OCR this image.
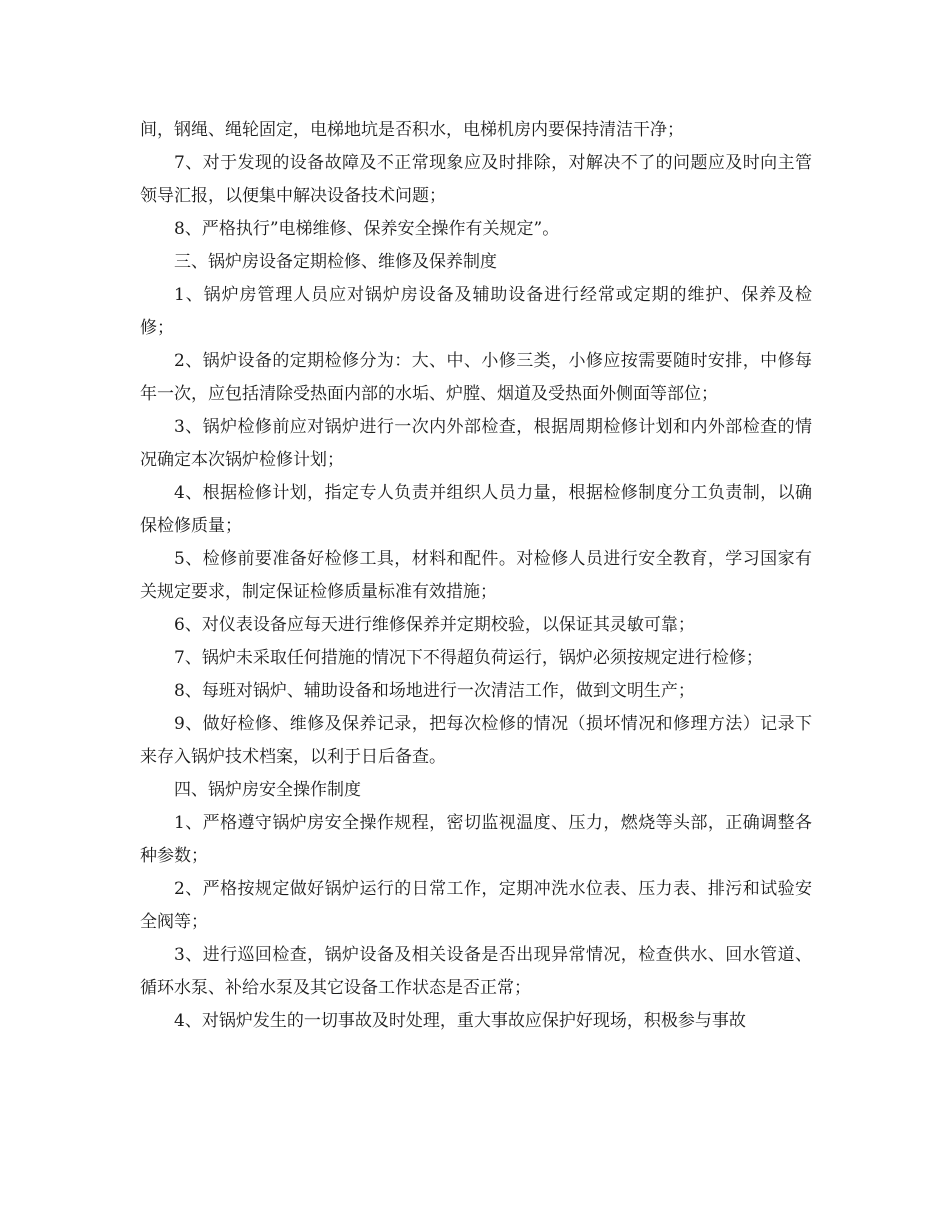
间，钢绳、绳轮固定，电梯地坑是否积水，电梯机房内要保持清洁干净；

7、对于发现的设备故障及不正常现象应及时排除，对解决不了的问题应及时向主管领导汇报，以便集中解决设备技术问题；

8、严格执行”电梯维修、保养安全操作有关规定”。

三、锅炉房设备定期检修、维修及保养制度

1、锅炉房管理人员应对锅炉房设备及辅助设备进行经常或定期的维护、保养及检修；

2、锅炉设备的定期检修分为：大、中、小修三类，小修应按需要随时安排，中修每年一次，应包括清除受热面内部的水垢、炉膛、烟道及受热面外侧面等部位；

3、锅炉检修前应对锅炉进行一次内外部检查，根据周期检修计划和内外部检查的情况确定本次锅炉检修计划；

4、根据检修计划，指定专人负责并组织人员力量，根据检修制度分工负责制，以确保检修质量；

5、检修前要准备好检修工具，材料和配件。对检修人员进行安全教育，学习国家有关规定要求，制定保证检修质量标准有效措施；

6、对仪表设备应每天进行维修保养并定期校验，以保证其灵敏可靠；

7、锅炉未采取任何措施的情况下不得超负荷运行，锅炉必须按规定进行检修；

8、每班对锅炉、辅助设备和场地进行一次清洁工作，做到文明生产；

9、做好检修、维修及保养记录，把每次检修的情况（损坏情况和修理方法）记录下来存入锅炉技术档案，以利于日后备查。

四、锅炉房安全操作制度

1、严格遵守锅炉房安全操作规程，密切监视温度、压力，燃烧等头部，正确调整各种参数；

2、严格按规定做好锅炉运行的日常工作，定期冲洗水位表、压力表、排污和试验安全阀等；

3、进行巡回检查，锅炉设备及相关设备是否出现异常情况，检查供水、回水管道、循环水泵、补给水泵及其它设备工作状态是否正常；

4、对锅炉发生的一切事故及时处理，重大事故应保护好现场，积极参与事故
